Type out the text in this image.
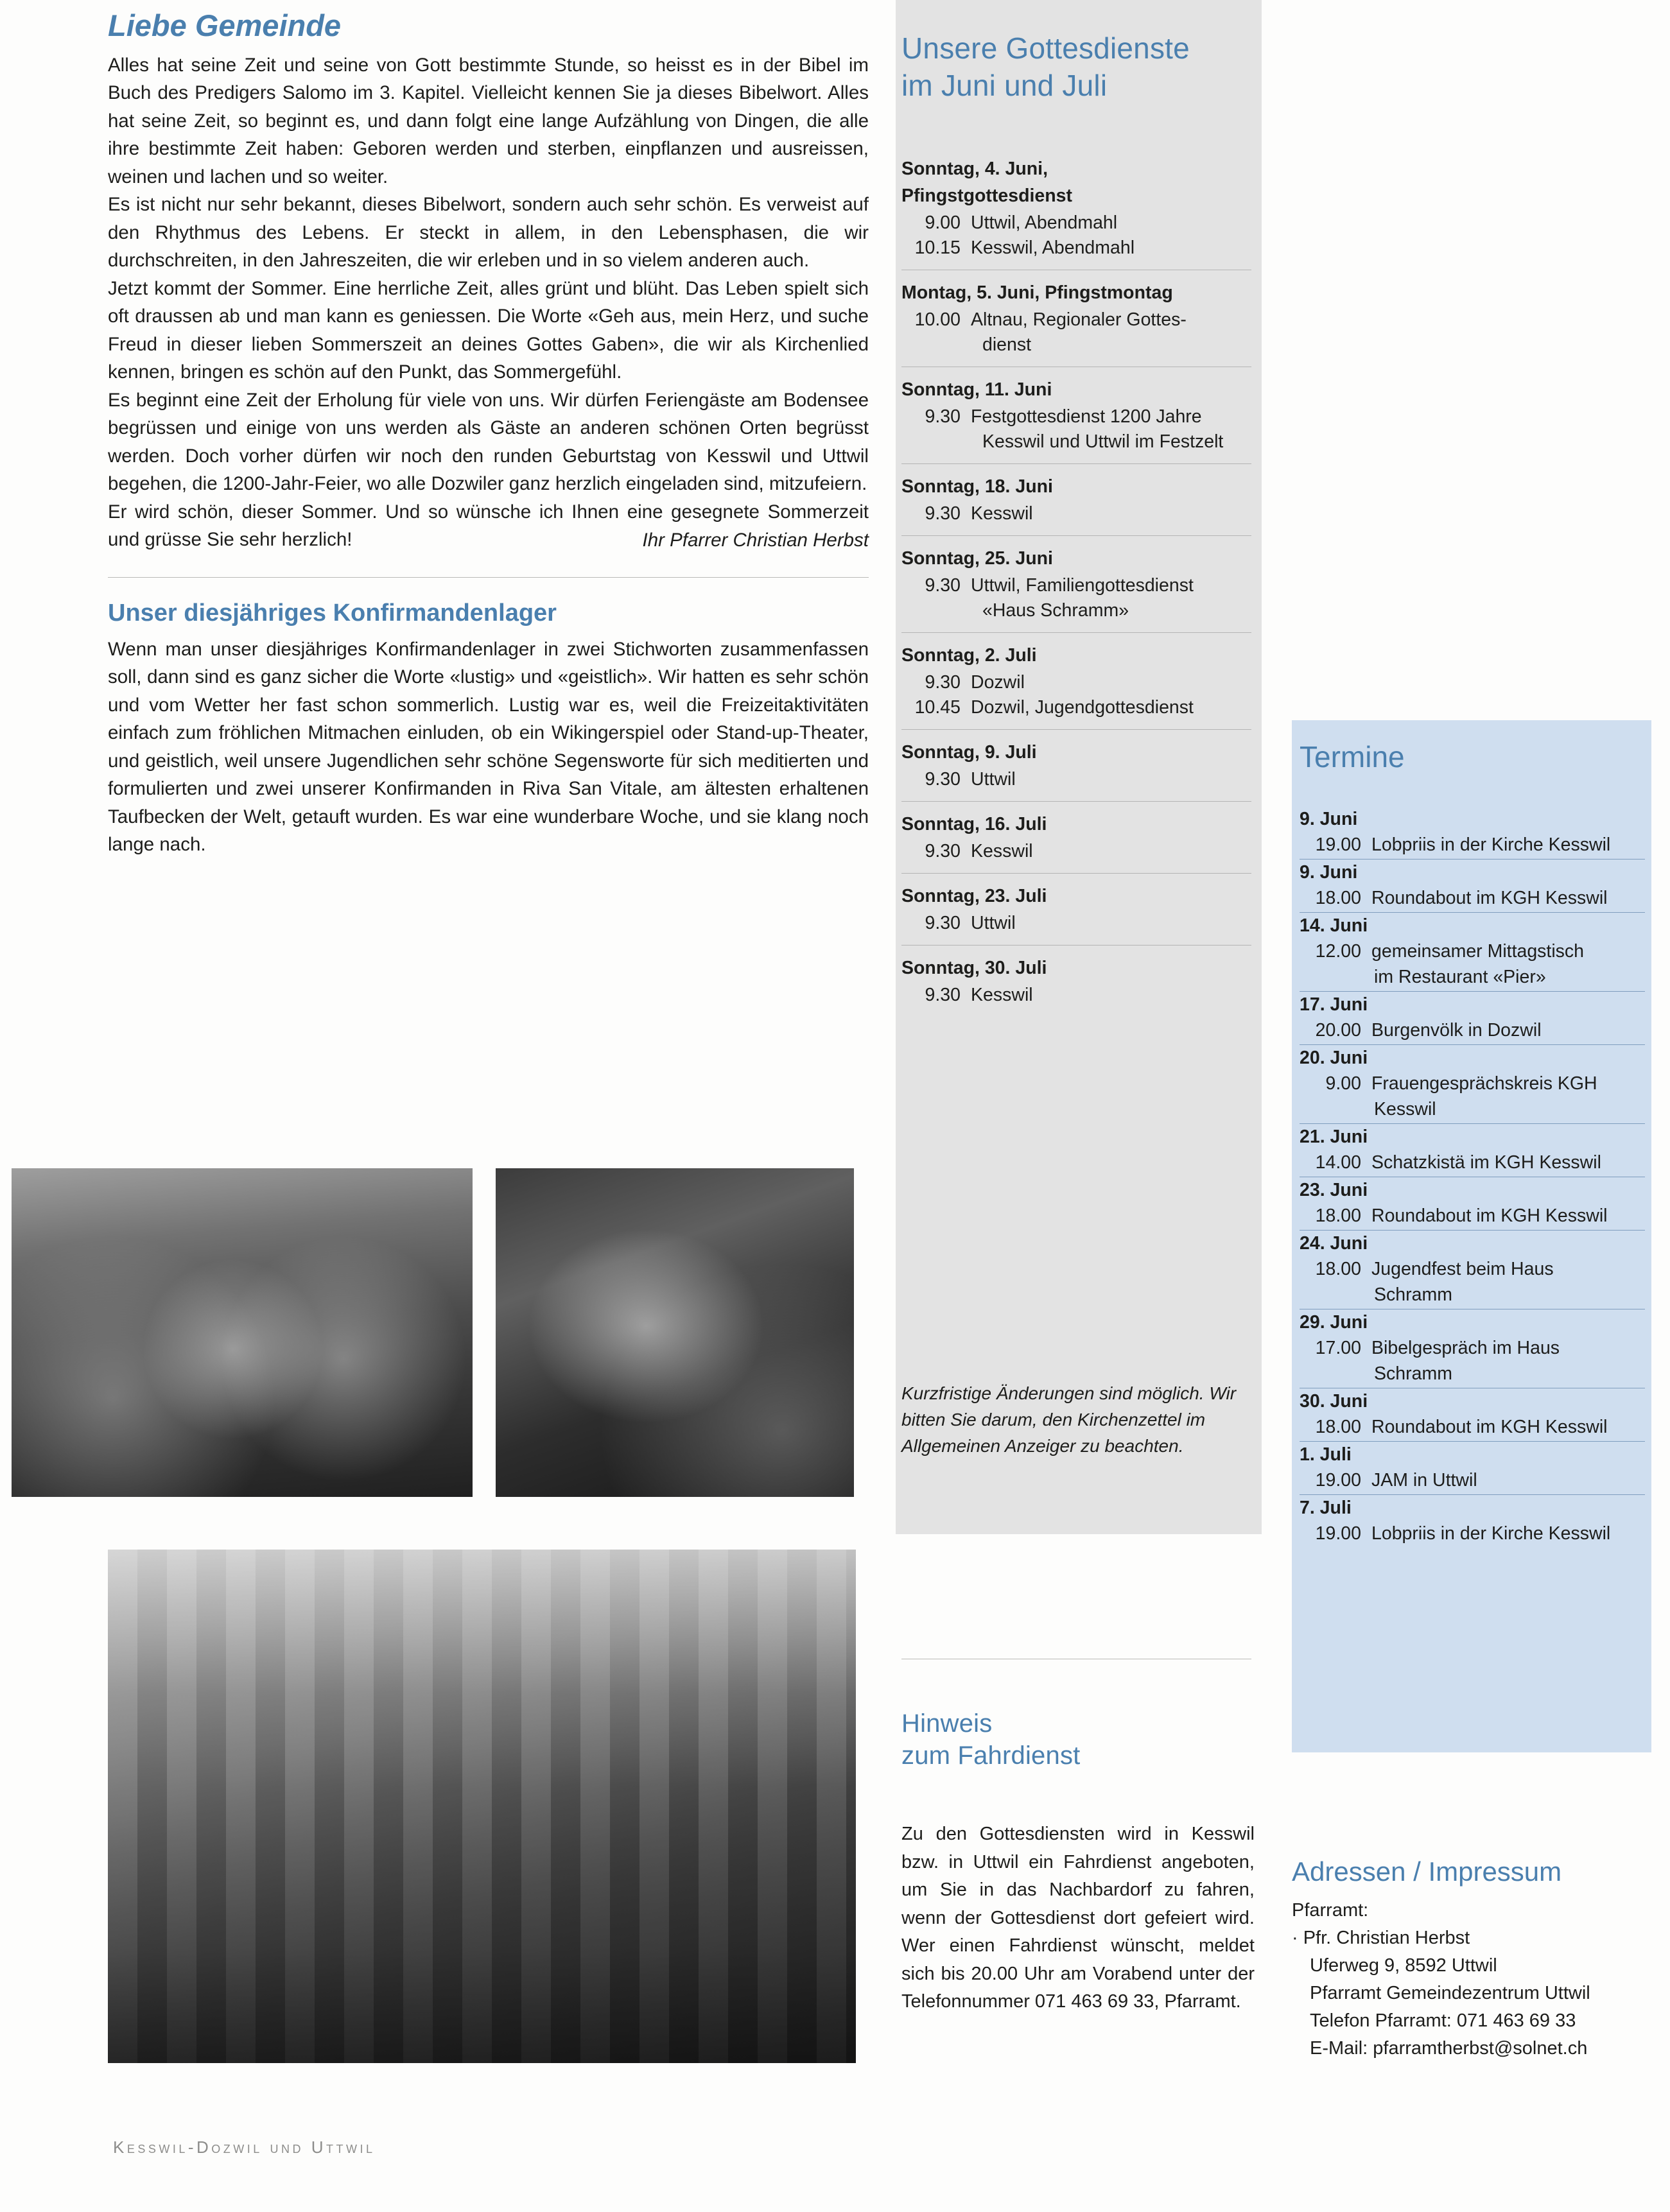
Liebe Gemeinde

Alles hat seine Zeit und seine von Gott bestimmte Stunde, so heisst es in der Bibel im Buch des Predigers Salomo im 3. Kapitel. Vielleicht kennen Sie ja dieses Bibelwort. Alles hat seine Zeit, so beginnt es, und dann folgt eine lange Aufzählung von Dingen, die alle ihre bestimmte Zeit haben: Geboren werden und sterben, einpflanzen und ausreissen, weinen und lachen und so weiter.

Es ist nicht nur sehr bekannt, dieses Bibelwort, sondern auch sehr schön. Es verweist auf den Rhythmus des Lebens. Er steckt in allem, in den Lebensphasen, die wir durchschreiten, in den Jahreszeiten, die wir erleben und in so vielem anderen auch.

Jetzt kommt der Sommer. Eine herrliche Zeit, alles grünt und blüht. Das Leben spielt sich oft draussen ab und man kann es geniessen. Die Worte «Geh aus, mein Herz, und suche Freud in dieser lieben Sommerszeit an deines Gottes Gaben», die wir als Kirchenlied kennen, bringen es schön auf den Punkt, das Sommergefühl.

Es beginnt eine Zeit der Erholung für viele von uns. Wir dürfen Feriengäste am Bodensee begrüssen und einige von uns werden als Gäste an anderen schönen Orten begrüsst werden. Doch vorher dürfen wir noch den runden Geburtstag von Kesswil und Uttwil begehen, die 1200-Jahr-Feier, wo alle Dozwiler ganz herzlich eingeladen sind, mitzufeiern.

Er wird schön, dieser Sommer. Und so wünsche ich Ihnen eine gesegnete Sommerzeit und grüsse Sie sehr herzlich!	Ihr Pfarrer Christian Herbst
Unser diesjähriges Konfirmandenlager

Wenn man unser diesjähriges Konfirmandenlager in zwei Stichworten zusammenfassen soll, dann sind es ganz sicher die Worte «lustig» und «geistlich». Wir hatten es sehr schön und vom Wetter her fast schon sommerlich. Lustig war es, weil die Freizeitaktivitäten einfach zum fröhlichen Mitmachen einluden, ob ein Wikingerspiel oder Stand-up-Theater, und geistlich, weil unsere Jugendlichen sehr schöne Segensworte für sich meditierten und formulierten und zwei unserer Konfirmanden in Riva San Vitale, am ältesten erhaltenen Taufbecken der Welt, getauft wurden. Es war eine wunderbare Woche, und sie klang noch lange nach.

Kesswil-Dozwil und Uttwil
Unsere Gottesdienste
im Juni und Juli
Sonntag, 4. Juni,
Pfingstgottesdienst
9.00 Uttwil, Abendmahl
10.15 Kesswil, Abendmahl
Montag, 5. Juni, Pfingstmontag
10.00 Altnau, Regionaler Gottes-
dienst
Sonntag, 11. Juni
9.30 Festgottesdienst 1200 Jahre
Kesswil und Uttwil im Festzelt
Sonntag, 18. Juni
9.30 Kesswil
Sonntag, 25. Juni
9.30 Uttwil, Familiengottesdienst
«Haus Schramm»
Sonntag, 2. Juli
9.30 Dozwil
10.45 Dozwil, Jugendgottesdienst
Sonntag, 9. Juli
9.30 Uttwil
Sonntag, 16. Juli
9.30 Kesswil
Sonntag, 23. Juli
9.30 Uttwil
Sonntag, 30. Juli
9.30 Kesswil
Kurzfristige Änderungen sind möglich. Wir bitten Sie darum, den Kirchenzettel im Allgemeinen Anzeiger zu beachten.
Hinweis
zum Fahrdienst
Zu den Gottesdiensten wird in Kesswil bzw. in Uttwil ein Fahrdienst angeboten, um Sie in das Nachbardorf zu fahren, wenn der Gottesdienst dort gefeiert wird. Wer einen Fahrdienst wünscht, meldet sich bis 20.00 Uhr am Vorabend unter der Telefonnummer 071 463 69 33, Pfarramt.
Termine
9. Juni
19.00 Lobpriis in der Kirche Kesswil
9. Juni
18.00 Roundabout im KGH Kesswil
14. Juni
12.00 gemeinsamer Mittagstisch
im Restaurant «Pier»
17. Juni
20.00 Burgenvölk in Dozwil
20. Juni
9.00 Frauengesprächskreis KGH
Kesswil
21. Juni
14.00 Schatzkistä im KGH Kesswil
23. Juni
18.00 Roundabout im KGH Kesswil
24. Juni
18.00 Jugendfest beim Haus
Schramm
29. Juni
17.00 Bibelgespräch im Haus
Schramm
30. Juni
18.00 Roundabout im KGH Kesswil
1. Juli
19.00 JAM in Uttwil
7. Juli
19.00 Lobpriis in der Kirche Kesswil
Adressen / Impressum
Pfarramt:
· Pfr. Christian Herbst
Uferweg 9, 8592 Uttwil
Pfarramt Gemeindezentrum Uttwil
Telefon Pfarramt: 071 463 69 33
E-Mail: pfarramtherbst@solnet.ch
